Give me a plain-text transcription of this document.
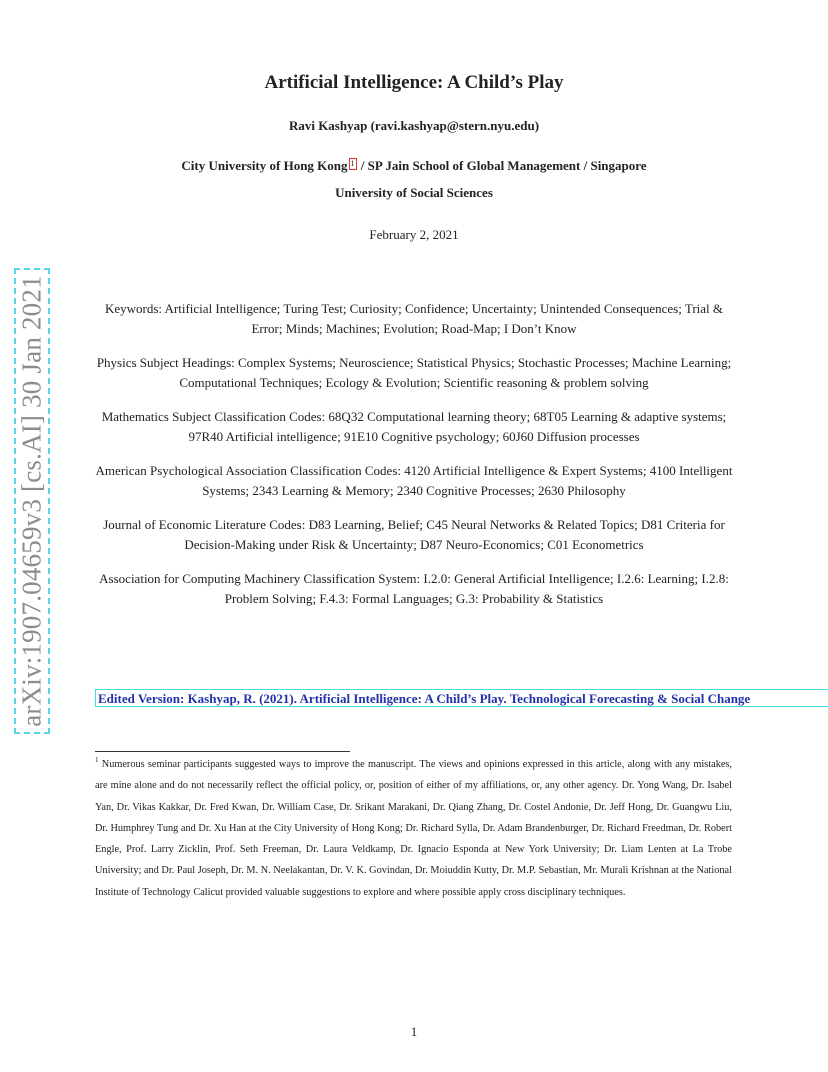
arXiv:1907.04659v3 [cs.AI] 30 Jan 2021
Artificial Intelligence: A Child’s Play
Ravi Kashyap (ravi.kashyap@stern.nyu.edu)
City University of Hong Kong 1 / SP Jain School of Global Management / Singapore
University of Social Sciences
February 2, 2021
Keywords: Artificial Intelligence; Turing Test; Curiosity; Confidence; Uncertainty; Unintended Consequences; Trial & Error; Minds; Machines; Evolution; Road-Map; I Don’t Know
Physics Subject Headings: Complex Systems; Neuroscience; Statistical Physics; Stochastic Processes; Machine Learning; Computational Techniques; Ecology & Evolution; Scientific reasoning & problem solving
Mathematics Subject Classification Codes: 68Q32 Computational learning theory; 68T05 Learning & adaptive systems; 97R40 Artificial intelligence; 91E10 Cognitive psychology; 60J60 Diffusion processes
American Psychological Association Classification Codes: 4120 Artificial Intelligence & Expert Systems; 4100 Intelligent Systems; 2343 Learning & Memory; 2340 Cognitive Processes; 2630 Philosophy
Journal of Economic Literature Codes: D83 Learning, Belief; C45 Neural Networks & Related Topics; D81 Criteria for Decision-Making under Risk & Uncertainty; D87 Neuro-Economics; C01 Econometrics
Association for Computing Machinery Classification System: I.2.0: General Artificial Intelligence; I.2.6: Learning; I.2.8: Problem Solving; F.4.3: Formal Languages; G.3: Probability & Statistics
Edited Version: Kashyap, R. (2021). Artificial Intelligence: A Child’s Play. Technological Forecasting & Social Change
$^1$ Numerous seminar participants suggested ways to improve the manuscript. The views and opinions expressed in this article, along with any mistakes, are mine alone and do not necessarily reflect the official policy, or, position of either of my affiliations, or, any other agency. Dr. Yong Wang, Dr. Isabel Yan, Dr. Vikas Kakkar, Dr. Fred Kwan, Dr. William Case, Dr. Srikant Marakani, Dr. Qiang Zhang, Dr. Costel Andonie, Dr. Jeff Hong, Dr. Guangwu Liu, Dr. Humphrey Tung and Dr. Xu Han at the City University of Hong Kong; Dr. Richard Sylla, Dr. Adam Brandenburger, Dr. Richard Freedman, Dr. Robert Engle, Prof. Larry Zicklin, Prof. Seth Freeman, Dr. Laura Veldkamp, Dr. Ignacio Esponda at New York University; Dr. Liam Lenten at La Trobe University; and Dr. Paul Joseph, Dr. M. N. Neelakantan, Dr. V. K. Govindan, Dr. Moiuddin Kutty, Dr. M.P. Sebastian, Mr. Murali Krishnan at the National Institute of Technology Calicut provided valuable suggestions to explore and where possible apply cross disciplinary techniques.
1
